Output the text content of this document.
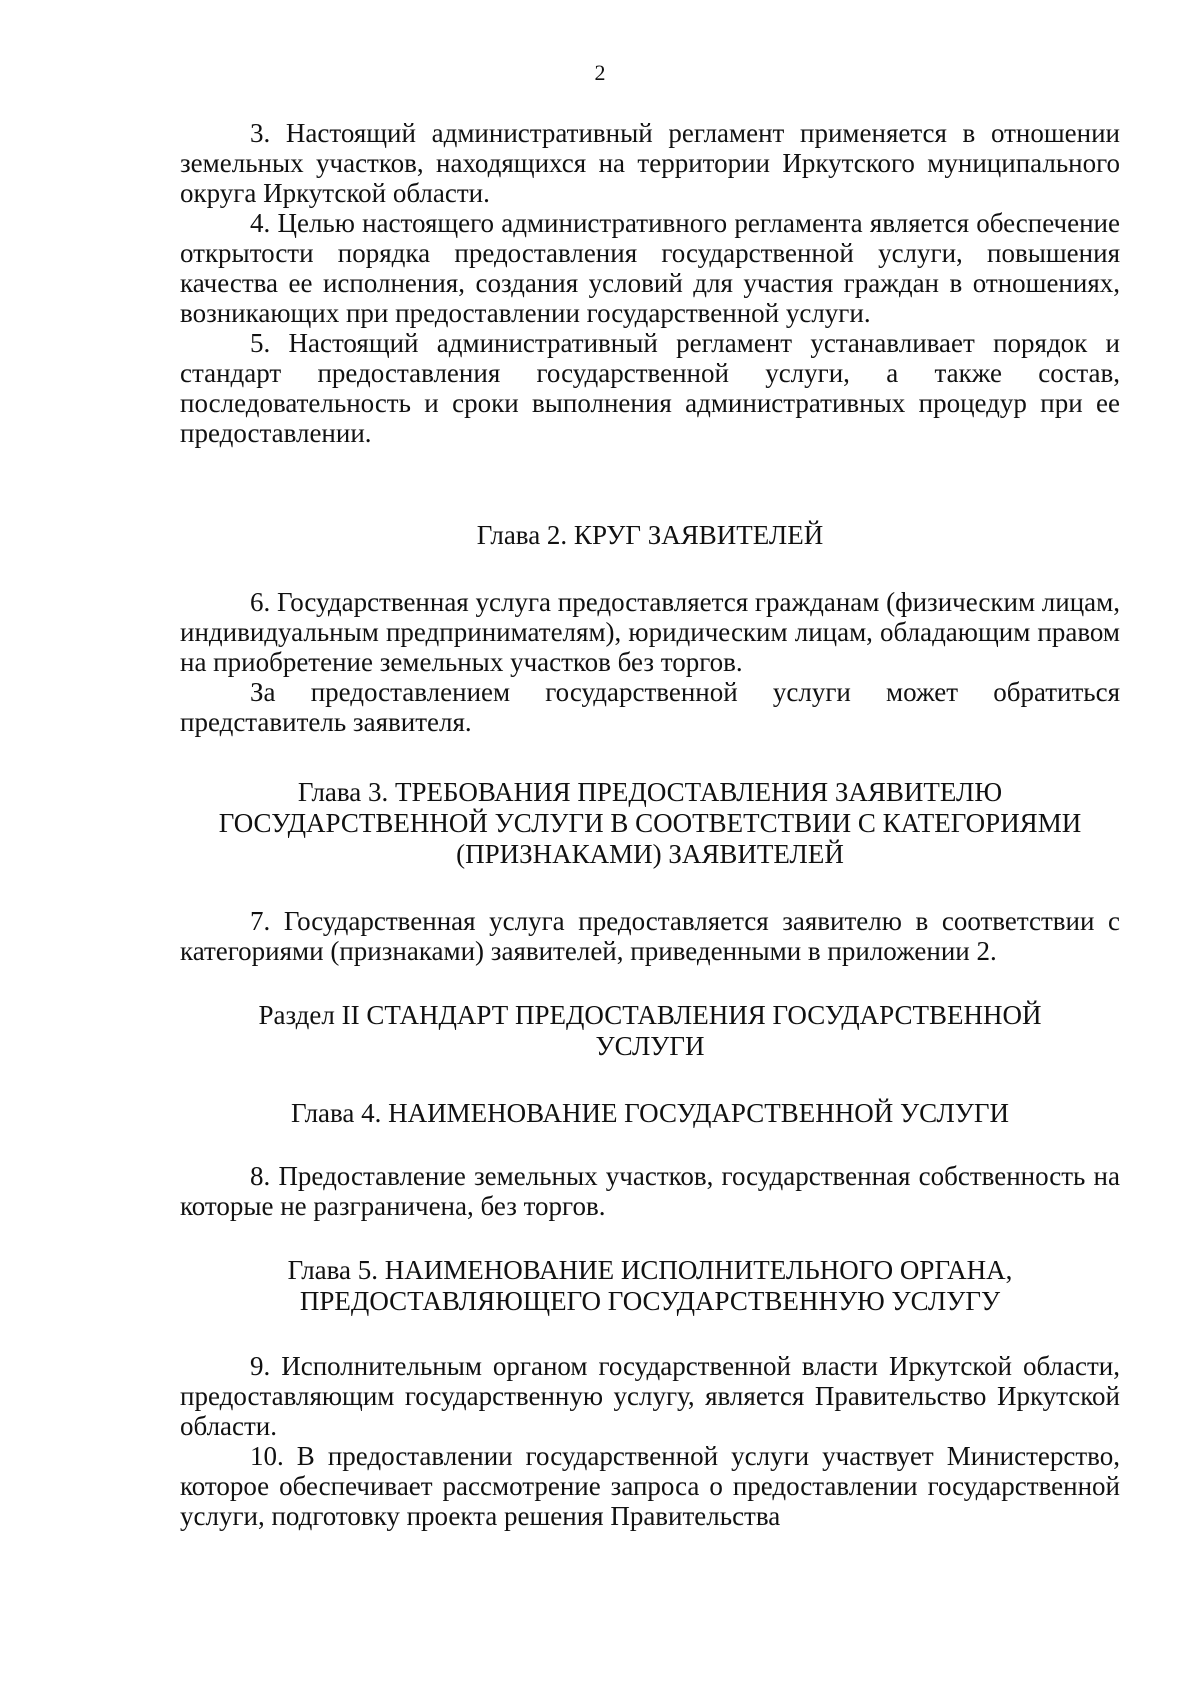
2

3. Настоящий административный регламент применяется в отношении земельных участков, находящихся на территории Иркутского муниципального округа Иркутской области.

4. Целью настоящего административного регламента является обеспечение открытости порядка предоставления государственной услуги, повышения качества ее исполнения, создания условий для участия граждан в отношениях, возникающих при предоставлении государственной услуги.

5. Настоящий административный регламент устанавливает порядок и стандарт предоставления государственной услуги, а также состав, последовательность и сроки выполнения административных процедур при ее предоставлении.

Глава 2. КРУГ ЗАЯВИТЕЛЕЙ

6. Государственная услуга предоставляется гражданам (физическим лицам, индивидуальным предпринимателям), юридическим лицам, обладающим правом на приобретение земельных участков без торгов.

За предоставлением государственной услуги может обратиться представитель заявителя.

Глава 3. ТРЕБОВАНИЯ ПРЕДОСТАВЛЕНИЯ ЗАЯВИТЕЛЮ
ГОСУДАРСТВЕННОЙ УСЛУГИ В СООТВЕТСТВИИ С КАТЕГОРИЯМИ
(ПРИЗНАКАМИ) ЗАЯВИТЕЛЕЙ

7. Государственная услуга предоставляется заявителю в соответствии с категориями (признаками) заявителей, приведенными в приложении 2.

Раздел II СТАНДАРТ ПРЕДОСТАВЛЕНИЯ ГОСУДАРСТВЕННОЙ
УСЛУГИ
Глава 4. НАИМЕНОВАНИЕ ГОСУДАРСТВЕННОЙ УСЛУГИ

8. Предоставление земельных участков, государственная собственность на которые не разграничена, без торгов.

Глава 5. НАИМЕНОВАНИЕ ИСПОЛНИТЕЛЬНОГО ОРГАНА,
ПРЕДОСТАВЛЯЮЩЕГО ГОСУДАРСТВЕННУЮ УСЛУГУ

9. Исполнительным органом государственной власти Иркутской области, предоставляющим государственную услугу, является Правительство Иркутской области.

10. В предоставлении государственной услуги участвует Министерство, которое обеспечивает рассмотрение запроса о предоставлении государственной услуги, подготовку проекта решения Правительства
